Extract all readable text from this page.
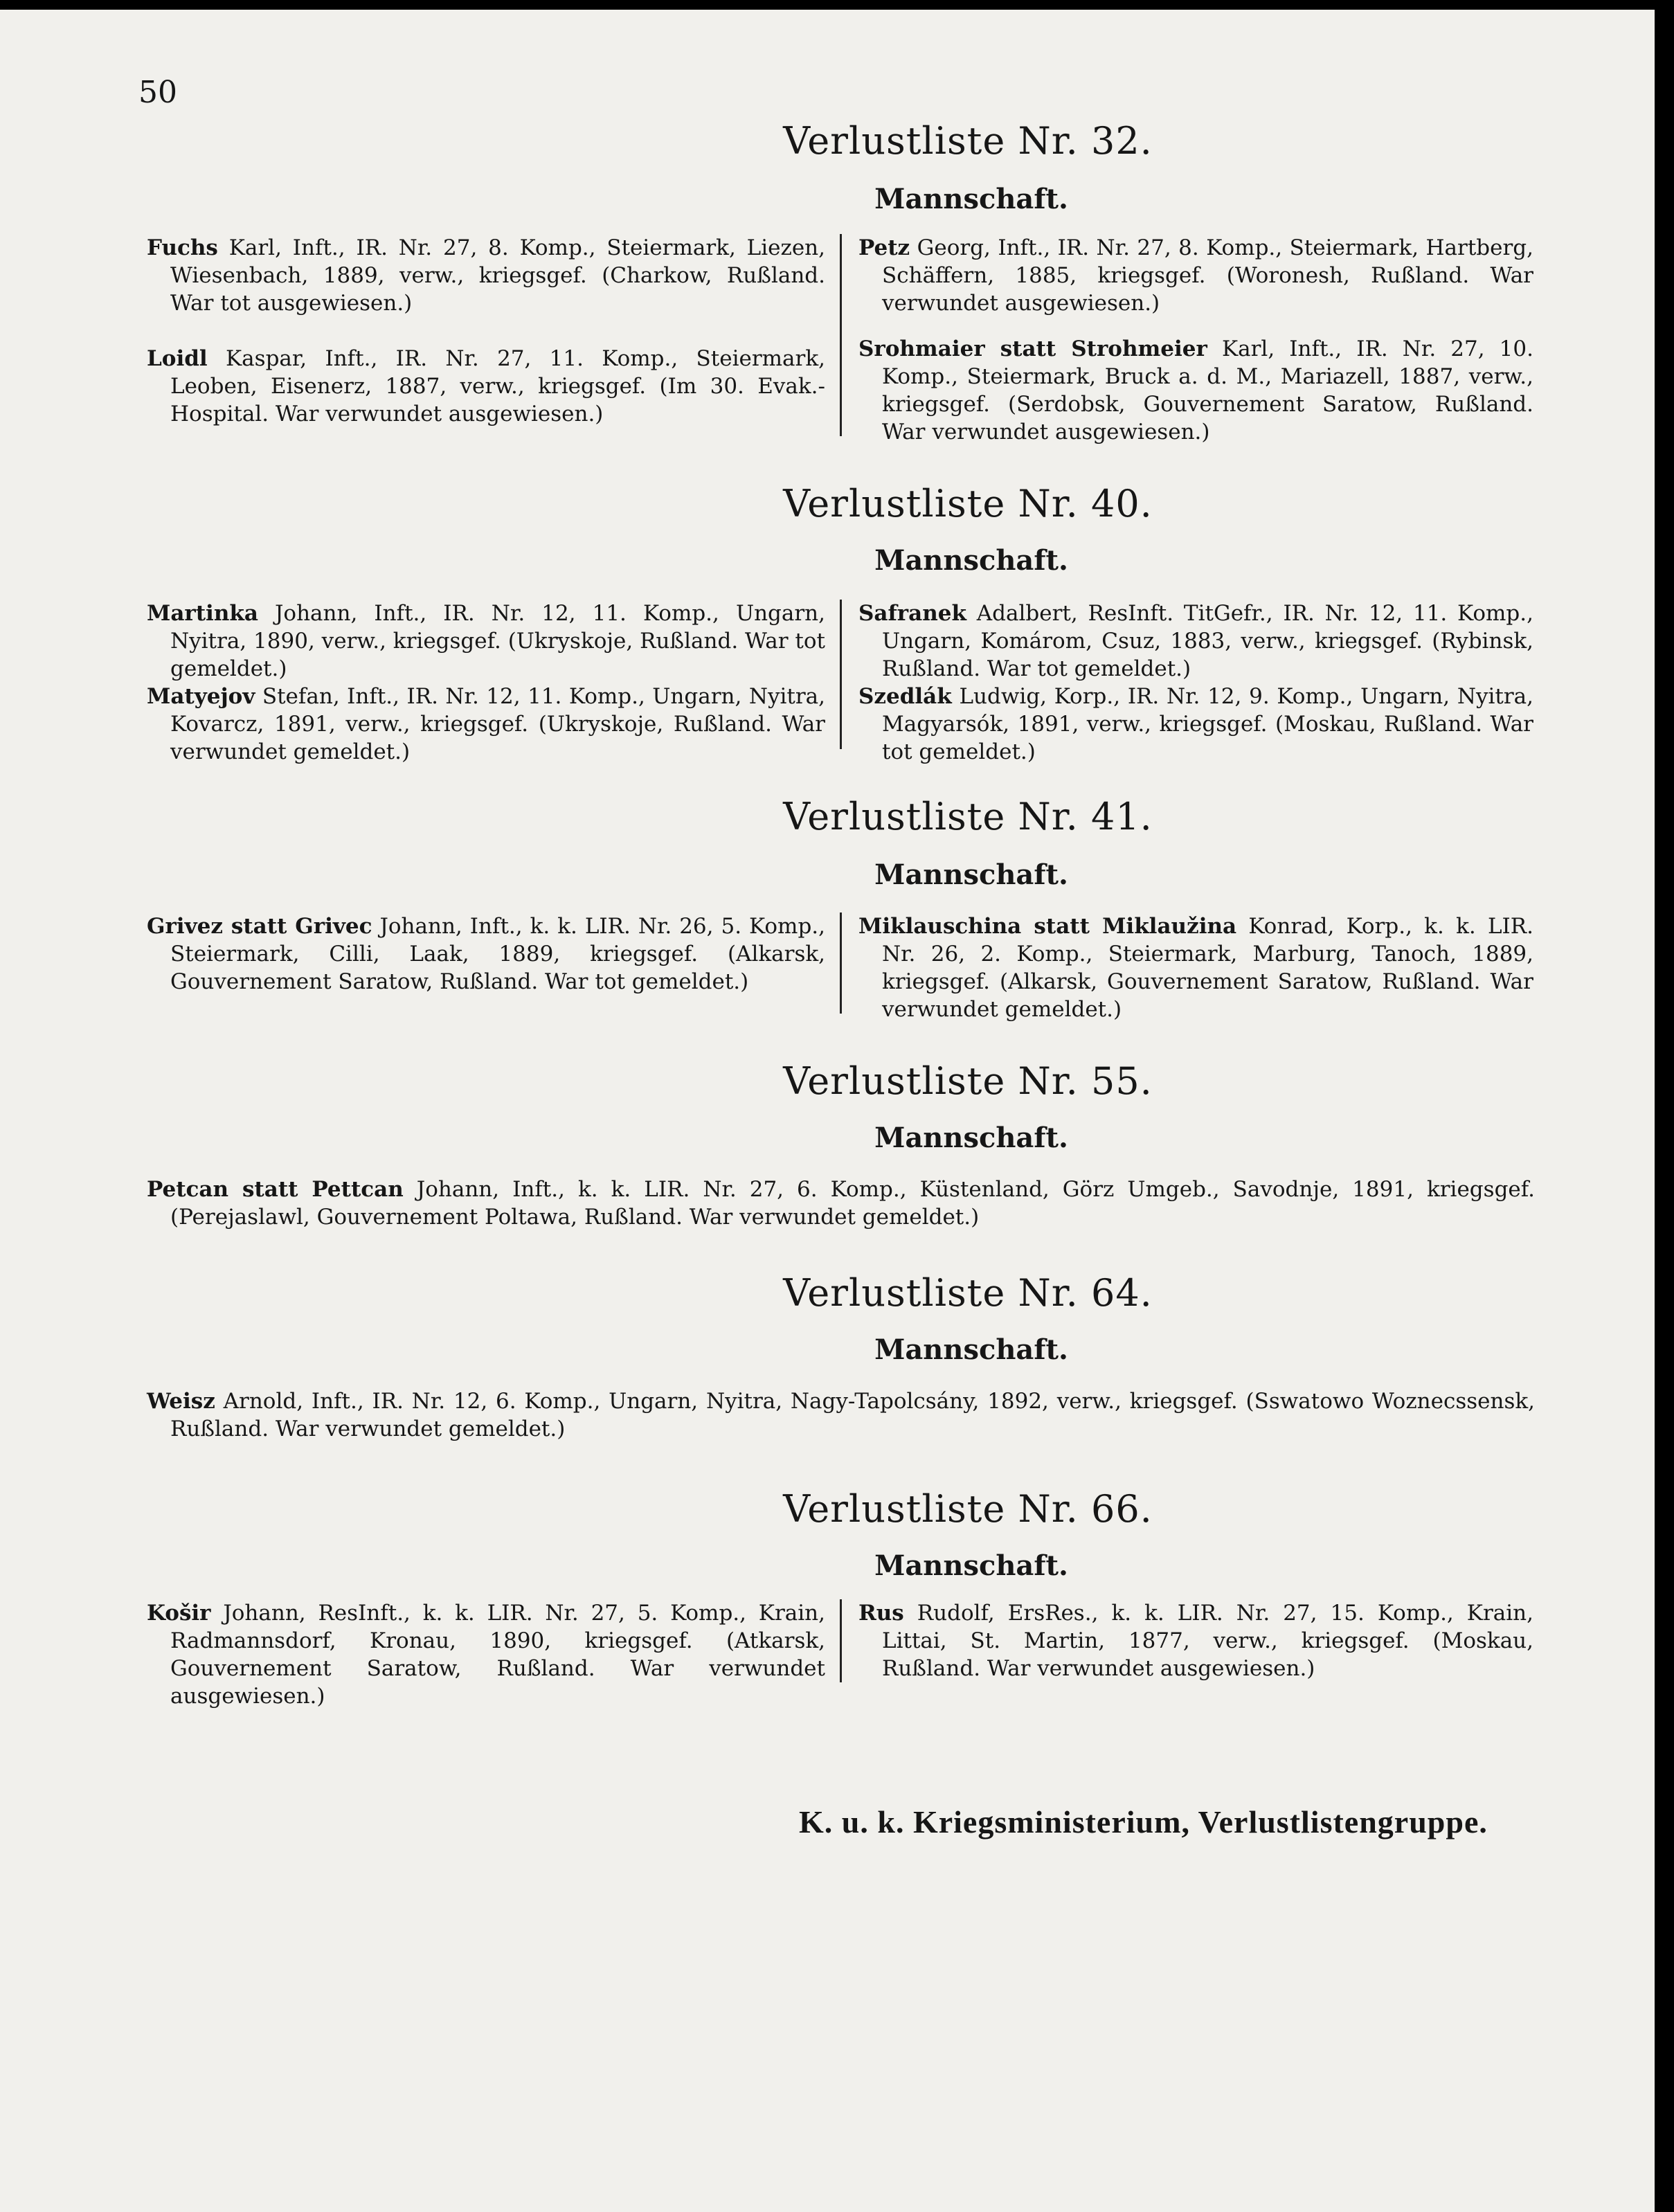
50
Verlustliste Nr. 32.
Mannschaft.
Fuchs Karl, Inft., IR. Nr. 27, 8. Komp., Steiermark, Liezen, Wiesenbach, 1889, verw., kriegsgef. (Charkow, Rußland. War tot ausgewiesen.)
Loidl Kaspar, Inft., IR. Nr. 27, 11. Komp., Steiermark, Leoben, Eisenerz, 1887, verw., kriegsgef. (Im 30. Evak.-Hospital. War verwundet ausgewiesen.)
Petz Georg, Inft., IR. Nr. 27, 8. Komp., Steiermark, Hartberg, Schäffern, 1885, kriegsgef. (Woronesh, Rußland. War verwundet ausgewiesen.)
Srohmaier statt Strohmeier Karl, Inft., IR. Nr. 27, 10. Komp., Steiermark, Bruck a. d. M., Mariazell, 1887, verw., kriegsgef. (Serdobsk, Gouvernement Saratow, Rußland. War verwundet ausgewiesen.)
Verlustliste Nr. 40.
Mannschaft.
Martinka Johann, Inft., IR. Nr. 12, 11. Komp., Ungarn, Nyitra, 1890, verw., kriegsgef. (Ukryskoje, Rußland. War tot gemeldet.)
Matyejov Stefan, Inft., IR. Nr. 12, 11. Komp., Ungarn, Nyitra, Kovarcz, 1891, verw., kriegsgef. (Ukryskoje, Rußland. War verwundet gemeldet.)
Safranek Adalbert, ResInft. TitGefr., IR. Nr. 12, 11. Komp., Ungarn, Komárom, Csuz, 1883, verw., kriegsgef. (Rybinsk, Rußland. War tot gemeldet.)
Szedlák Ludwig, Korp., IR. Nr. 12, 9. Komp., Ungarn, Nyitra, Magyarsók, 1891, verw., kriegsgef. (Moskau, Rußland. War tot gemeldet.)
Verlustliste Nr. 41.
Mannschaft.
Grivez statt Grivec Johann, Inft., k. k. LIR. Nr. 26, 5. Komp., Steiermark, Cilli, Laak, 1889, kriegsgef. (Alkarsk, Gouvernement Saratow, Rußland. War tot gemeldet.)
Miklauschina statt Miklaužina Konrad, Korp., k. k. LIR. Nr. 26, 2. Komp., Steiermark, Marburg, Tanoch, 1889, kriegsgef. (Alkarsk, Gouvernement Saratow, Rußland. War verwundet gemeldet.)
Verlustliste Nr. 55.
Mannschaft.
Petcan statt Pettcan Johann, Inft., k. k. LIR. Nr. 27, 6. Komp., Küstenland, Görz Umgeb., Savodnje, 1891, kriegsgef. (Perejaslawl, Gouvernement Poltawa, Rußland. War verwundet gemeldet.)
Verlustliste Nr. 64.
Mannschaft.
Weisz Arnold, Inft., IR. Nr. 12, 6. Komp., Ungarn, Nyitra, Nagy-Tapolcsány, 1892, verw., kriegsgef. (Sswatowo Woznecssensk, Rußland. War verwundet gemeldet.)
Verlustliste Nr. 66.
Mannschaft.
Košir Johann, ResInft., k. k. LIR. Nr. 27, 5. Komp., Krain, Radmannsdorf, Kronau, 1890, kriegsgef. (Atkarsk, Gouvernement Saratow, Rußland. War verwundet ausgewiesen.)
Rus Rudolf, ErsRes., k. k. LIR. Nr. 27, 15. Komp., Krain, Littai, St. Martin, 1877, verw., kriegsgef. (Moskau, Rußland. War verwundet ausgewiesen.)
K. u. k. Kriegsministerium, Verlustlistengruppe.
